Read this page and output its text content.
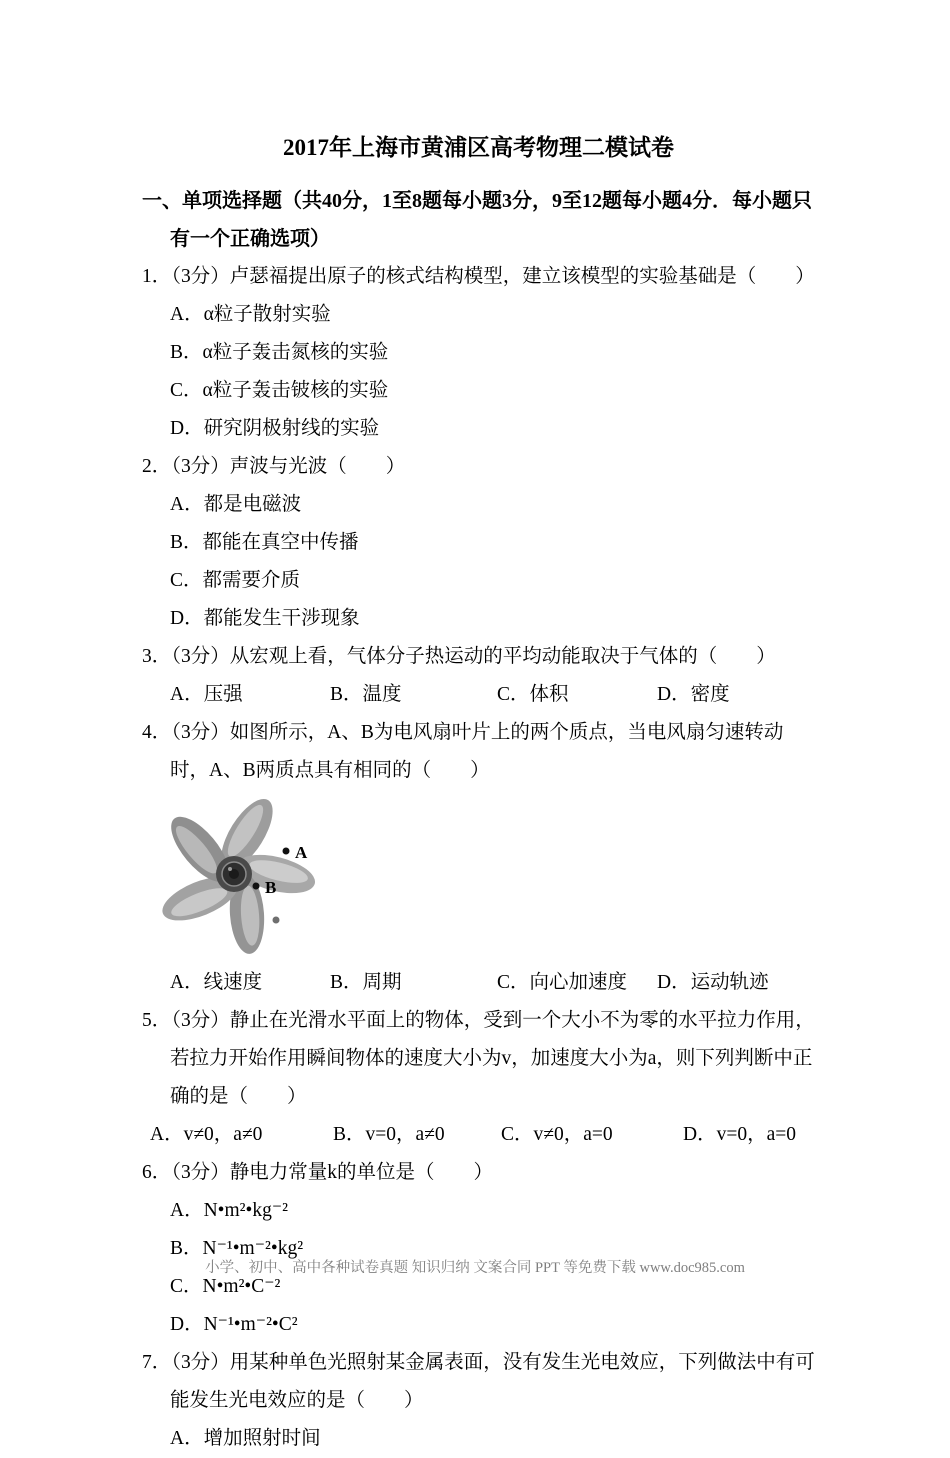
2017年上海市黄浦区高考物理二模试卷

一、单项选择题（共40分，1至8题每小题3分，9至12题每小题4分．每小题只有一个正确选项）

1．（3分）卢瑟福提出原子的核式结构模型，建立该模型的实验基础是（　　）

A．α粒子散射实验
B．α粒子轰击氮核的实验
C．α粒子轰击铍核的实验
D．研究阴极射线的实验

2．（3分）声波与光波（　　）

A．都是电磁波
B．都能在真空中传播
C．都需要介质
D．都能发生干涉现象

3．（3分）从宏观上看，气体分子热运动的平均动能取决于气体的（　　）

A．压强	B．温度	C．体积	D．密度

4．（3分）如图所示，A、B为电风扇叶片上的两个质点，当电风扇匀速转动时，A、B两质点具有相同的（　　）

A
B
A．线速度	B．周期	C．向心加速度	D．运动轨迹

5．（3分）静止在光滑水平面上的物体，受到一个大小不为零的水平拉力作用，若拉力开始作用瞬间物体的速度大小为v，加速度大小为a，则下列判断中正确的是（　　）

A．v≠0，a≠0	B．v=0，a≠0	C．v≠0，a=0	D．v=0，a=0

6．（3分）静电力常量k的单位是（　　）

A．N•m²•kg⁻²
B．N⁻¹•m⁻²•kg²
C．N•m²•C⁻²
D．N⁻¹•m⁻²•C²

7．（3分）用某种单色光照射某金属表面，没有发生光电效应，下列做法中有可能发生光电效应的是（　　）

A．增加照射时间
小学、初中、高中各种试卷真题 知识归纳 文案合同 PPT 等免费下载 www.doc985.com
